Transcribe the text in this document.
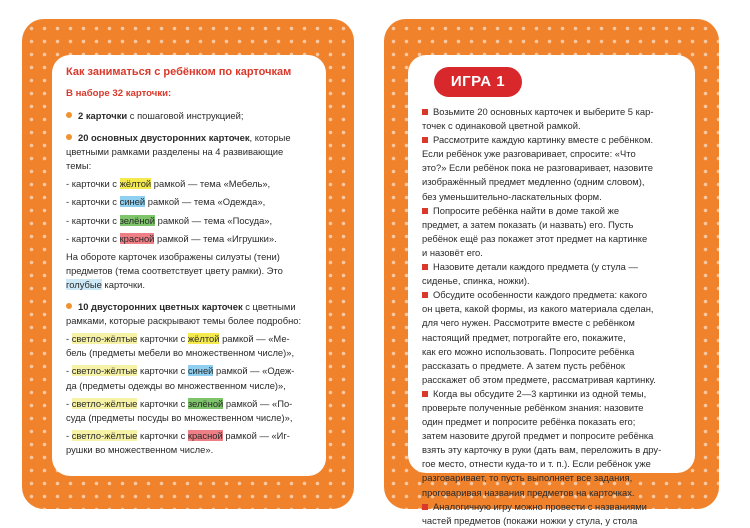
Как заниматься с ребёнком по карточкам

В наборе 32 карточки:

2 карточки с пошаговой инструкцией;

20 основных двусторонних карточек, которые

цветными рамками разделены на 4 развивающие

темы:

- карточки с жёлтой рамкой — тема «Мебель»,

- карточки с синей рамкой — тема «Одежда»,

- карточки с зелёной рамкой — тема «Посуда»,

- карточки с красной рамкой — тема «Игрушки».

На обороте карточек изображены силуэты (тени)

предметов (тема соответствует цвету рамки). Это

голубые карточки.

10 двусторонних цветных карточек с цветными

рамками, которые раскрывают темы более подробно:

- светло-жёлтые карточки с жёлтой рамкой — «Ме-

бель (предметы мебели во множественном числе)»,

- светло-жёлтые карточки с синей рамкой — «Одеж-

да (предметы одежды во множественном числе)»,

- светло-жёлтые карточки с зелёной рамкой — «По-

суда (предметы посуды во множественном числе)»,

- светло-жёлтые карточки с красной рамкой — «Иг-

рушки во множественном числе».

Возьмите 20 основных карточек и выберите 5 кар-

точек с одинаковой цветной рамкой.

Рассмотрите каждую картинку вместе с ребёнком.

Если ребёнок уже разговаривает, спросите: «Что

это?» Если ребёнок пока не разговаривает, назовите

изображённый предмет медленно (одним словом),

без уменьшительно-ласкательных форм.

Попросите ребёнка найти в доме такой же

предмет, а затем показать (и назвать) его. Пусть

ребёнок ещё раз покажет этот предмет на картинке

и назовёт его.

Назовите детали каждого предмета (у стула —

сиденье, спинка, ножки).

Обсудите особенности каждого предмета: какого

он цвета, какой формы, из какого материала сделан,

для чего нужен. Рассмотрите вместе с ребёнком

настоящий предмет, потрогайте его, покажите,

как его можно использовать. Попросите ребёнка

рассказать о предмете. А затем пусть ребёнок

расскажет об этом предмете, рассматривая картинку.

Когда вы обсудите 2—3 картинки из одной темы,

проверьте полученные ребёнком знания: назовите

один предмет и попросите ребёнка показать его;

затем назовите другой предмет и попросите ребёнка

взять эту карточку в руки (дать вам, переложить в дру-

гое место, отнести куда-то и т. п.). Если ребёнок уже

разговаривает, то пусть выполняет все задания,

проговаривая названия предметов на карточках.

Аналогичную игру можно провести с названиями

частей предметов (покажи ножки у стула, у стола

ИГРА 1
